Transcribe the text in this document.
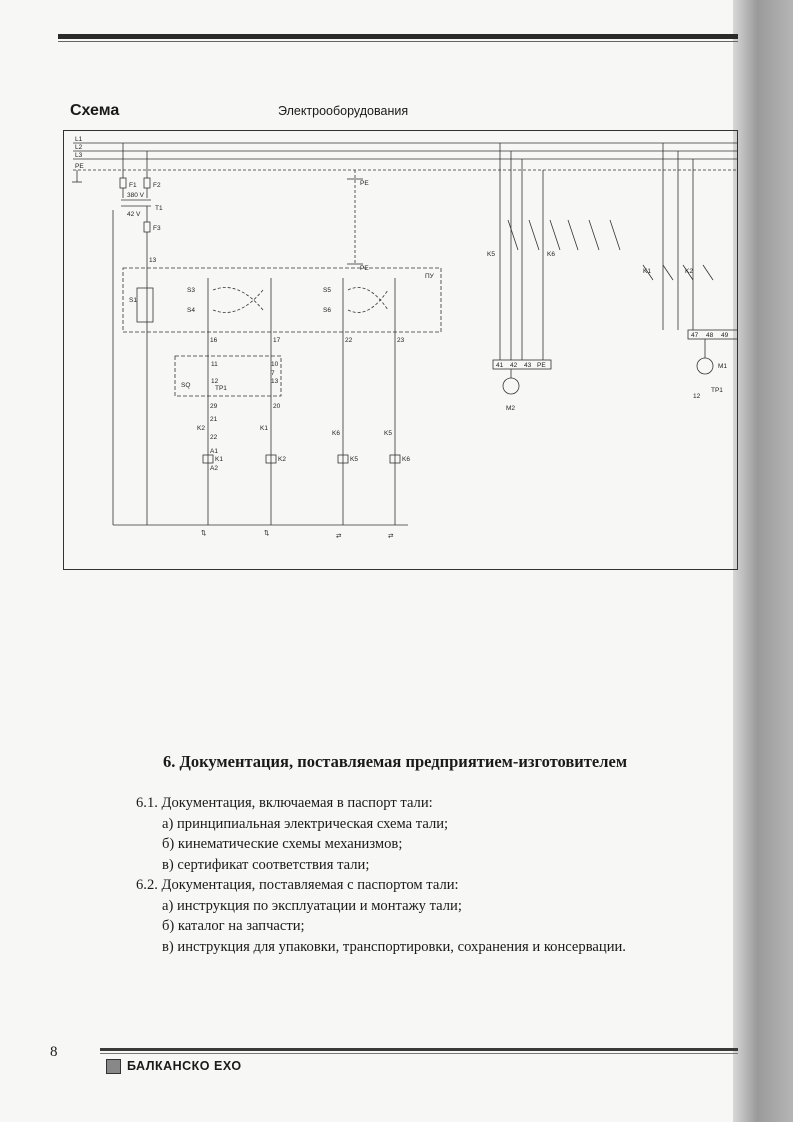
Схема	Электрооборудования
L1
L2
L3
PE
F1	F2
F3
380 V
42 V
T1
13
PE
PE
ПУ
S1
S3
S4
S5
S6
16	17	22	23
SQ	TP1
11
12
10
13
7
29	20
K2	K1
K6	K5
21
22
A1
A2
K1	K2	K5	K6
⇅	⇅	⇄	⇄
K5	K6
K1	K2
41 42 43 PE
47 48 49
M2
M1
TP1
12
6. Документация, поставляемая предприятием-изготовителем
6.1. Документация, включаемая в паспорт тали:
а) принципиальная электрическая схема тали;
б) кинематические схемы механизмов;
в) сертификат соответствия тали;
6.2. Документация, поставляемая с паспортом тали:
а) инструкция по эксплуатации и монтажу тали;
б) каталог на запчасти;
в) инструкция для упаковки, транспортировки, сохранения и консервации.
8
БАЛКАНСКО ЕХО
